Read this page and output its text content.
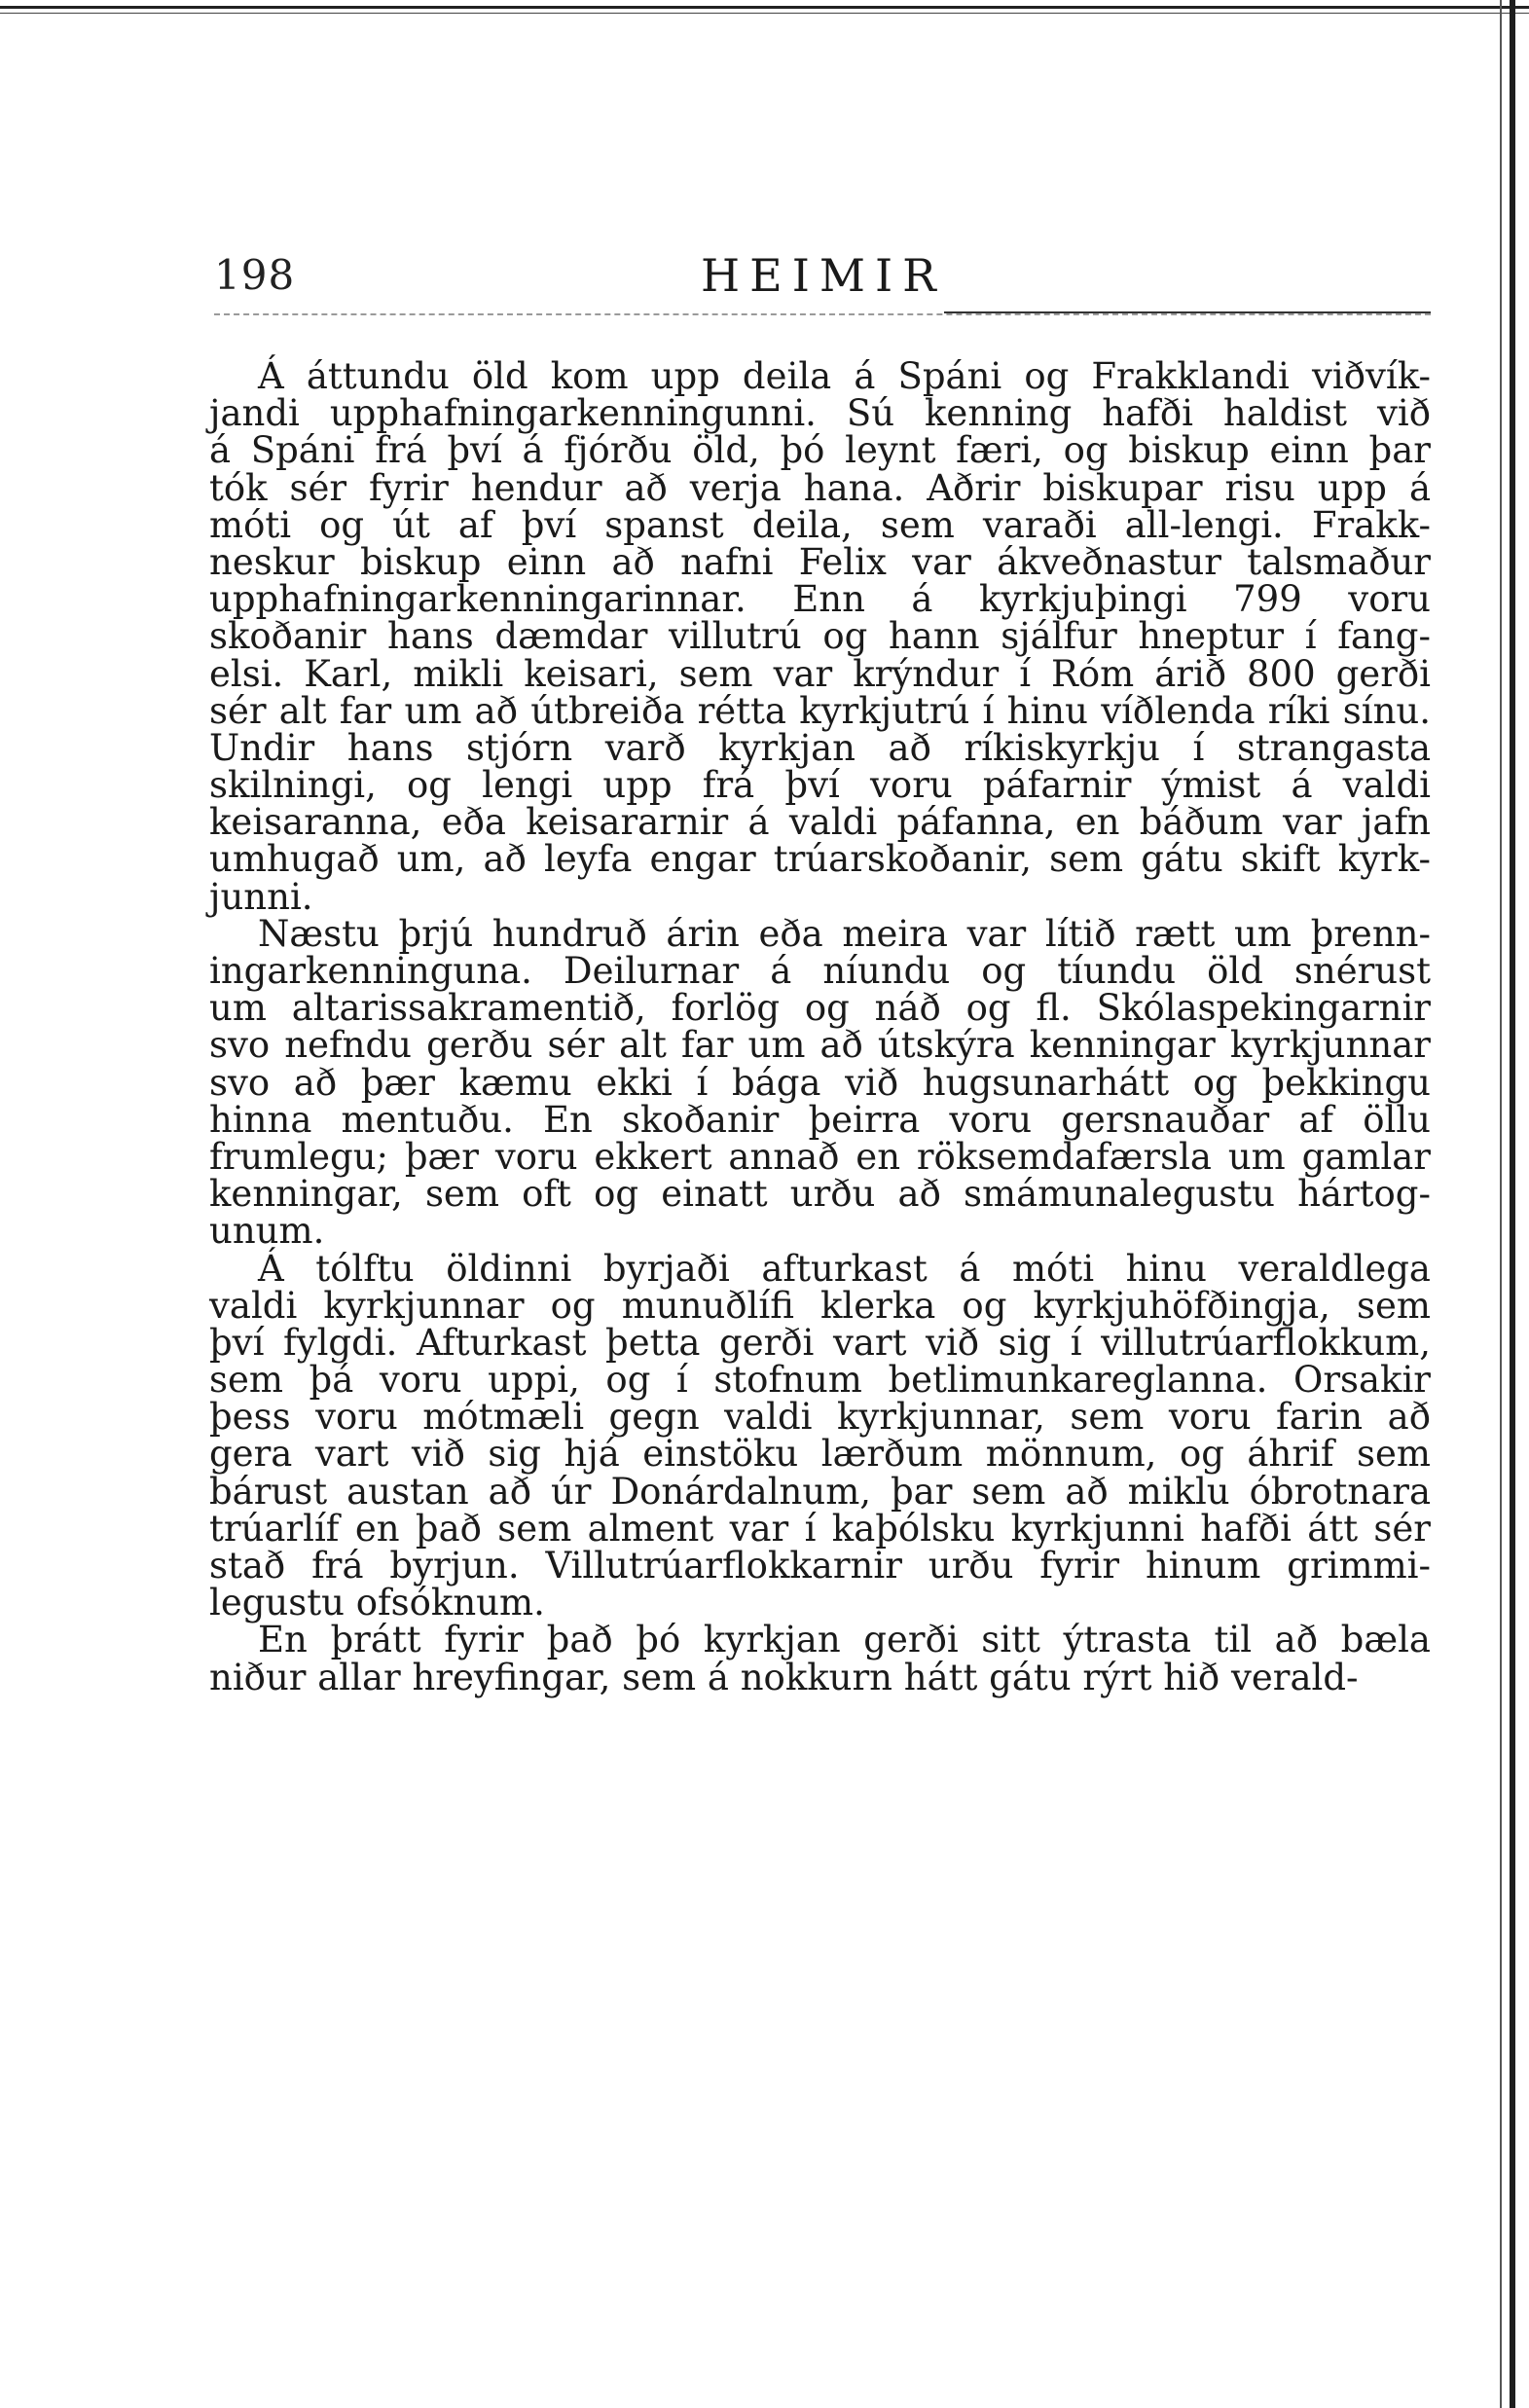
198	HEIMIR
Á áttundu öld kom upp deila á Spáni og Frakklandi viðvík-
jandi upphafningarkenningunni. Sú kenning hafði haldist við
á Spáni frá því á fjórðu öld, þó leynt færi, og biskup einn þar
tók sér fyrir hendur að verja hana. Aðrir biskupar risu upp á
móti og út af því spanst deila, sem varaði all-lengi. Frakk-
neskur biskup einn að nafni Felix var ákveðnastur talsmaður
upphafningarkenningarinnar. Enn á kyrkjuþingi 799 voru
skoðanir hans dæmdar villutrú og hann sjálfur hneptur í fang-
elsi. Karl, mikli keisari, sem var krýndur í Róm árið 800 gerði
sér alt far um að útbreiða rétta kyrkjutrú í hinu víðlenda ríki sínu.
Undir hans stjórn varð kyrkjan að ríkiskyrkju í strangasta
skilningi, og lengi upp frá því voru páfarnir ýmist á valdi
keisaranna, eða keisararnir á valdi páfanna, en báðum var jafn
umhugað um, að leyfa engar trúarskoðanir, sem gátu skift kyrk-
junni.
Næstu þrjú hundruð árin eða meira var lítið rætt um þrenn-
ingarkenninguna. Deilurnar á níundu og tíundu öld snérust
um altarissakramentið, forlög og náð og fl. Skólaspekingarnir
svo nefndu gerðu sér alt far um að útskýra kenningar kyrkjunnar
svo að þær kæmu ekki í bága við hugsunarhátt og þekkingu
hinna mentuðu. En skoðanir þeirra voru gersnauðar af öllu
frumlegu; þær voru ekkert annað en röksemdafærsla um gamlar
kenningar, sem oft og einatt urðu að smámunalegustu hártog-
unum.
Á tólftu öldinni byrjaði afturkast á móti hinu veraldlega
valdi kyrkjunnar og munuðlífi klerka og kyrkjuhöfðingja, sem
því fylgdi. Afturkast þetta gerði vart við sig í villutrúarflokkum,
sem þá voru uppi, og í stofnum betlimunkareglanna. Orsakir
þess voru mótmæli gegn valdi kyrkjunnar, sem voru farin að
gera vart við sig hjá einstöku lærðum mönnum, og áhrif sem
bárust austan að úr Donárdalnum, þar sem að miklu óbrotnara
trúarlíf en það sem alment var í kaþólsku kyrkjunni hafði átt sér
stað frá byrjun. Villutrúarflokkarnir urðu fyrir hinum grimmi-
legustu ofsóknum.
En þrátt fyrir það þó kyrkjan gerði sitt ýtrasta til að bæla
niður allar hreyfingar, sem á nokkurn hátt gátu rýrt hið verald-
